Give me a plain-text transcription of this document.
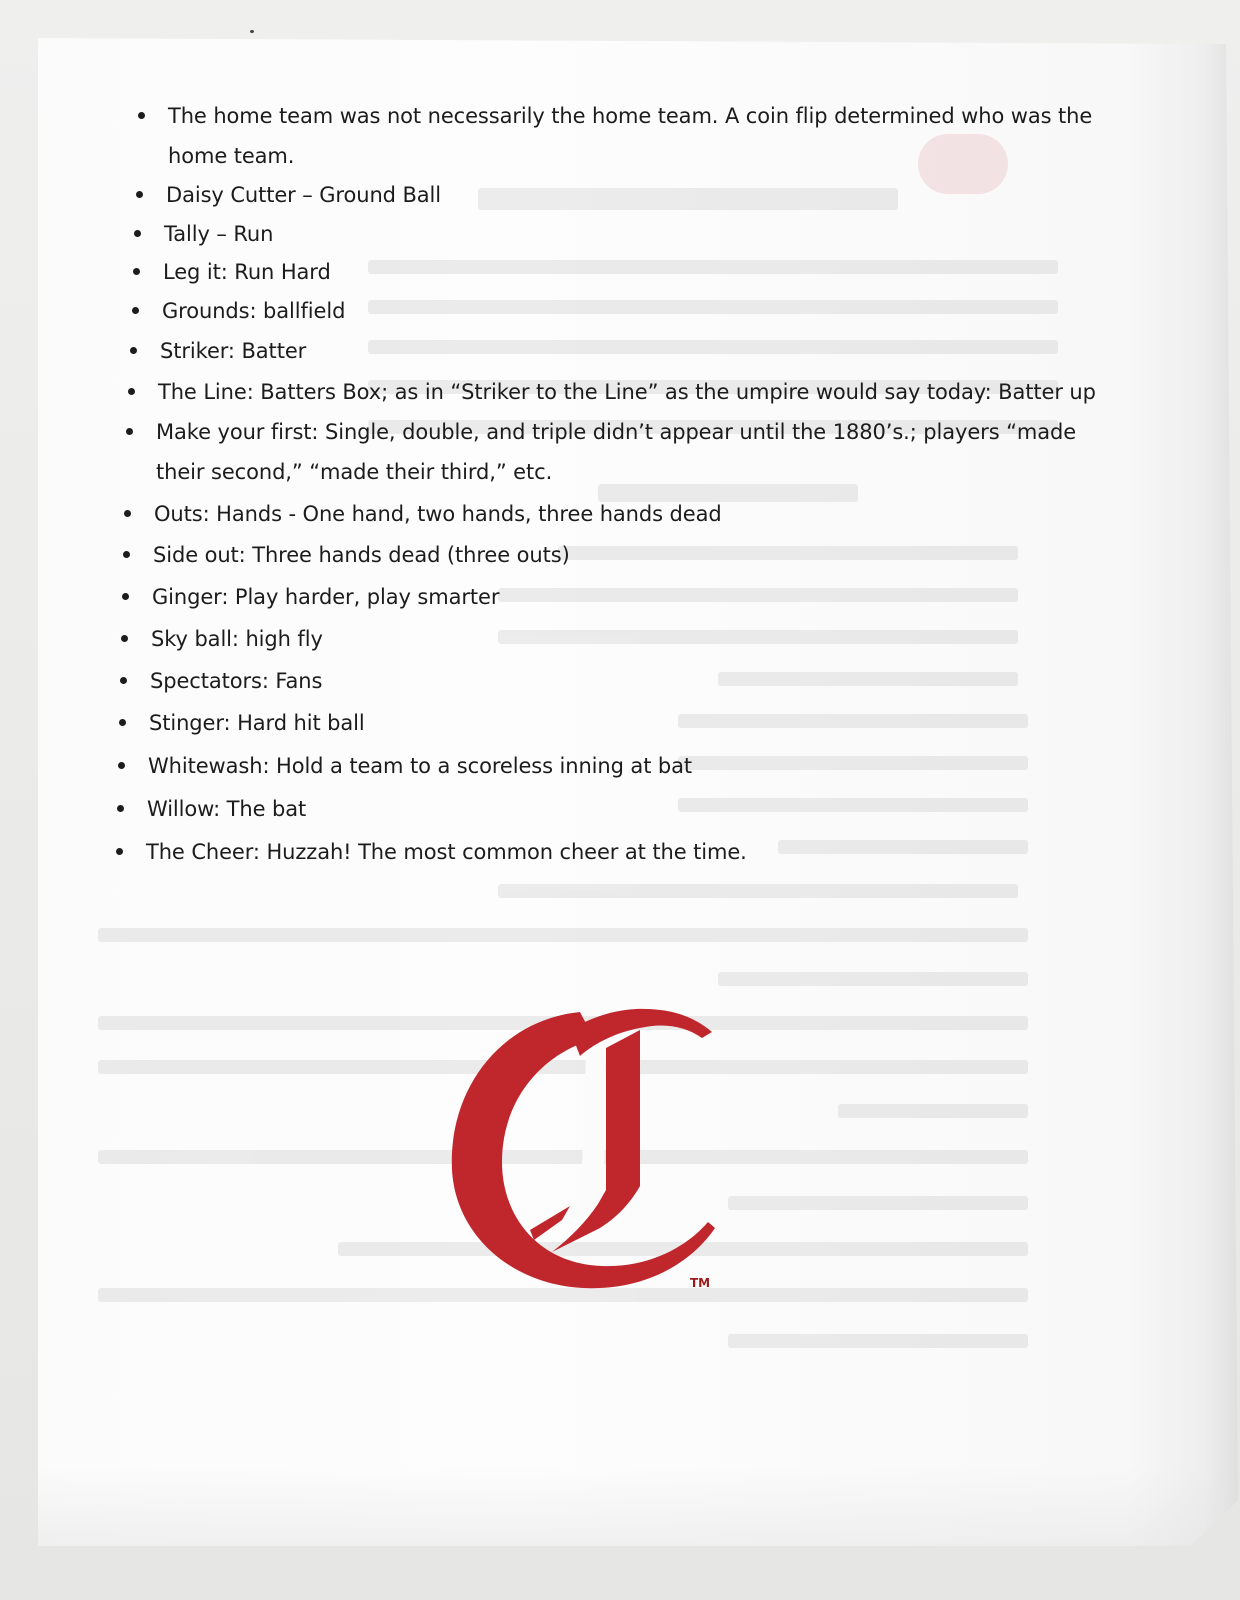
The home team was not necessarily the home team. A coin flip determined who was the
home team.
Daisy Cutter – Ground Ball
Tally – Run
Leg it: Run Hard
Grounds: ballfield
Striker: Batter
The Line: Batters Box; as in “Striker to the Line” as the umpire would say today: Batter up
Make your first: Single, double, and triple didn’t appear until the 1880’s.; players “made
their second,” “made their third,” etc.
Outs: Hands - One hand, two hands, three hands dead
Side out: Three hands dead (three outs)
Ginger: Play harder, play smarter
Sky ball: high fly
Spectators: Fans
Stinger: Hard hit ball
Whitewash: Hold a team to a scoreless inning at bat
Willow: The bat
The Cheer: Huzzah! The most common cheer at the time.
TM
